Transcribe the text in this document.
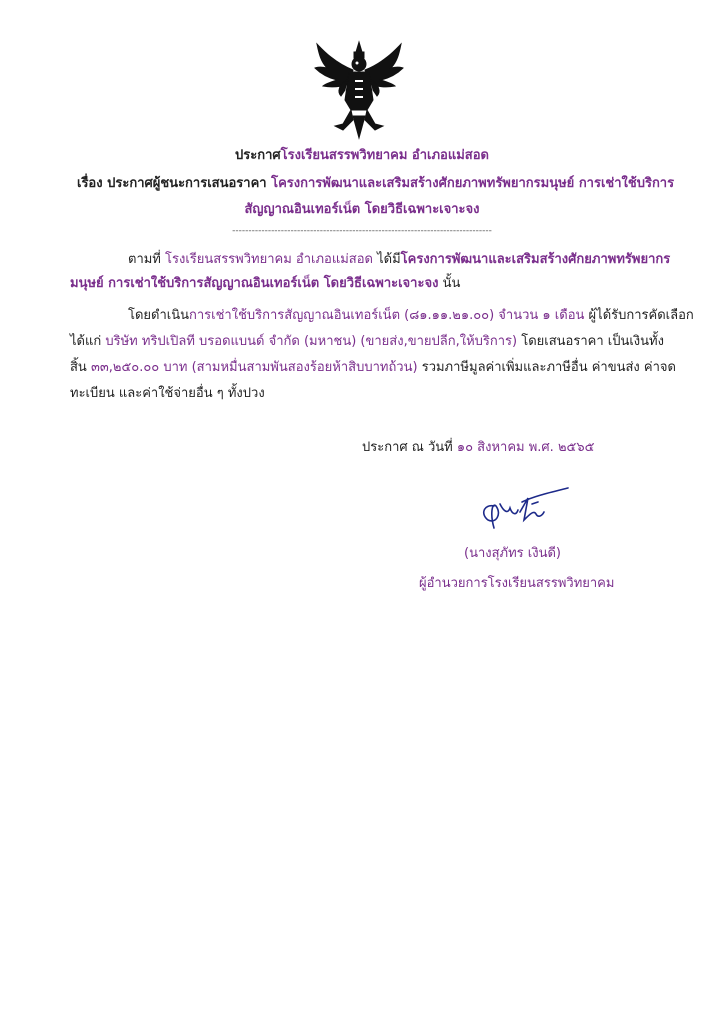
ประกาศโรงเรียนสรรพวิทยาคม อำเภอแม่สอด
เรื่อง ประกาศผู้ชนะการเสนอราคา โครงการพัฒนาและเสริมสร้างศักยภาพทรัพยากรมนุษย์ การเช่าใช้บริการ
สัญญาณอินเทอร์เน็ต โดยวิธีเฉพาะเจาะจง
--------------------------------------------------------------------------------
ตามที่ โรงเรียนสรรพวิทยาคม อำเภอแม่สอด ได้มีโครงการพัฒนาและเสริมสร้างศักยภาพทรัพยากร
มนุษย์ การเช่าใช้บริการสัญญาณอินเทอร์เน็ต โดยวิธีเฉพาะเจาะจง นั้น
โดยดำเนินการเช่าใช้บริการสัญญาณอินเทอร์เน็ต (๘๑.๑๑.๒๑.๐๐) จำนวน ๑ เดือน ผู้ได้รับการคัดเลือก
ได้แก่ บริษัท ทริปเปิลที บรอดแบนด์ จำกัด (มหาชน) (ขายส่ง,ขายปลีก,ให้บริการ) โดยเสนอราคา เป็นเงินทั้ง
สิ้น ๓๓,๒๕๐.๐๐ บาท (สามหมื่นสามพันสองร้อยห้าสิบบาทถ้วน) รวมภาษีมูลค่าเพิ่มและภาษีอื่น ค่าขนส่ง ค่าจด
ทะเบียน และค่าใช้จ่ายอื่น ๆ ทั้งปวง
ประกาศ ณ วันที่ ๑๐ สิงหาคม พ.ศ. ๒๕๖๕
(นางสุภัทร เงินดี)
ผู้อำนวยการโรงเรียนสรรพวิทยาคม
